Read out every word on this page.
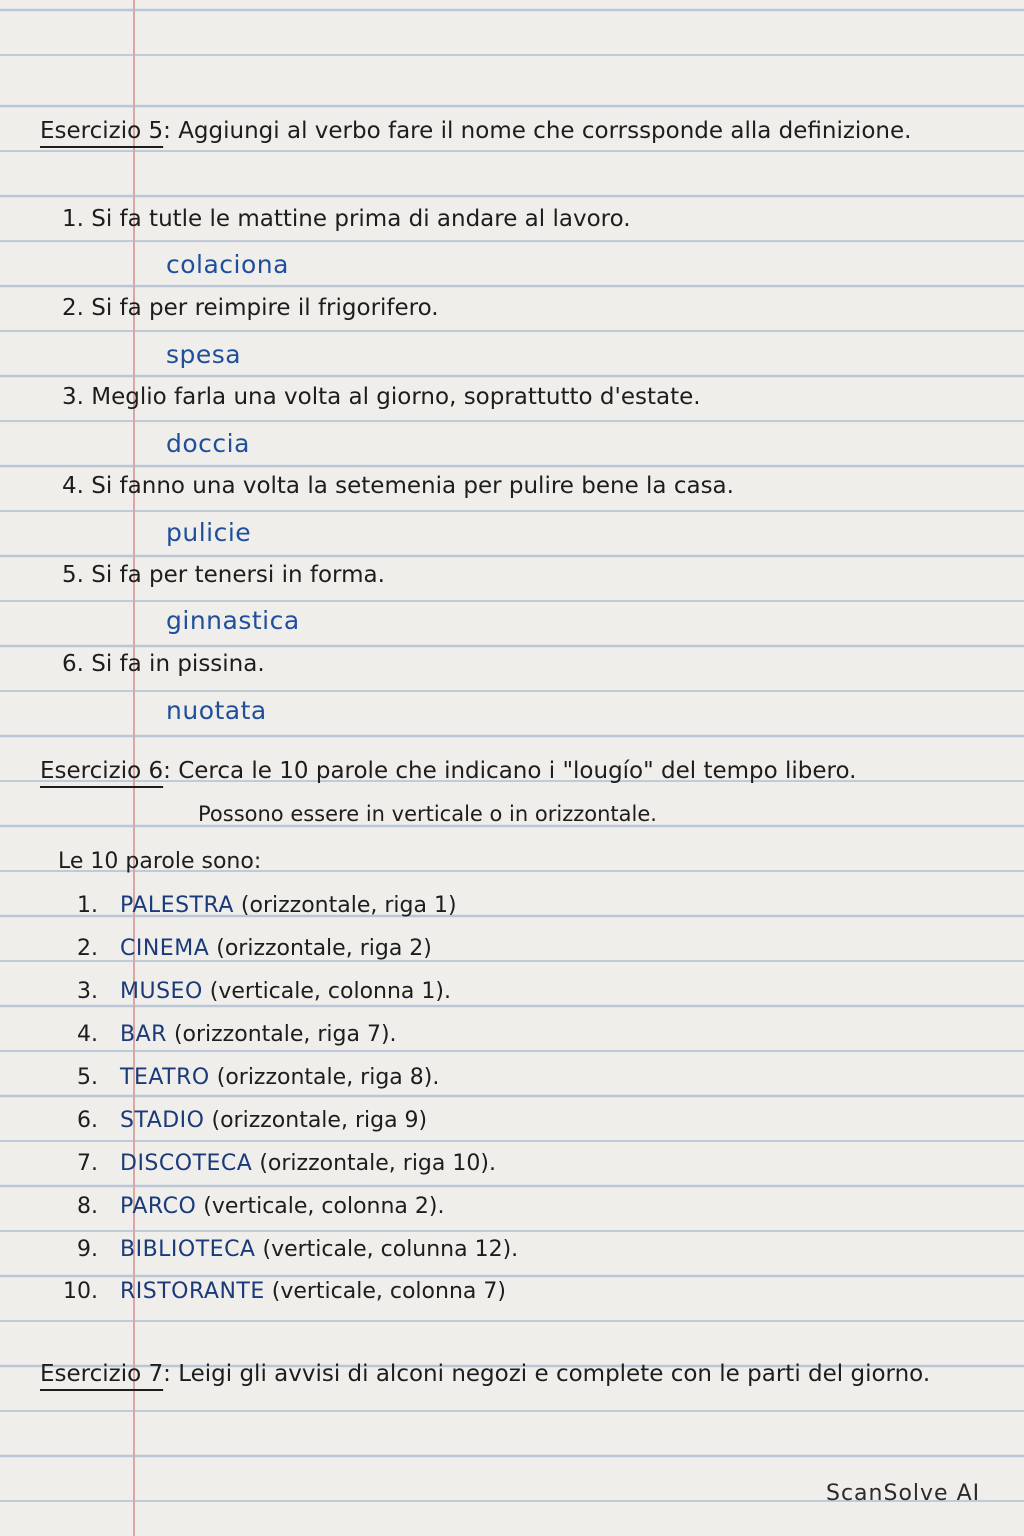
Esercizio 5: Aggiungi al verbo fare il nome che corrssponde alla definizione.
1. Si fa tutle le mattine prima di andare al lavoro.
colaciona
2. Si fa per reimpire il frigorifero.
spesa
3. Meglio farla una volta al giorno, soprattutto d'estate.
doccia
4. Si fanno una volta la setemenia per pulire bene la casa.
pulicie
5. Si fa per tenersi in forma.
ginnastica
6. Si fa in pissina.
nuotata
Esercizio 6: Cerca le 10 parole che indicano i "lougío" del tempo libero.
Possono essere in verticale o in orizzontale.
Le 10 parole sono:
1. PALESTRA (orizzontale, riga 1)
2. CINEMA (orizzontale, riga 2)
3. MUSEO (verticale, colonna 1).
4. BAR (orizzontale, riga 7).
5. TEATRO (orizzontale, riga 8).
6. STADIO (orizzontale, riga 9)
7. DISCOTECA (orizzontale, riga 10).
8. PARCO (verticale, colonna 2).
9. BIBLIOTECA (verticale, colunna 12).
10. RISTORANTE (verticale, colonna 7)
Esercizio 7: Leigi gli avvisi di alconi negozi e complete con le parti del giorno.
ScanSolve AI
